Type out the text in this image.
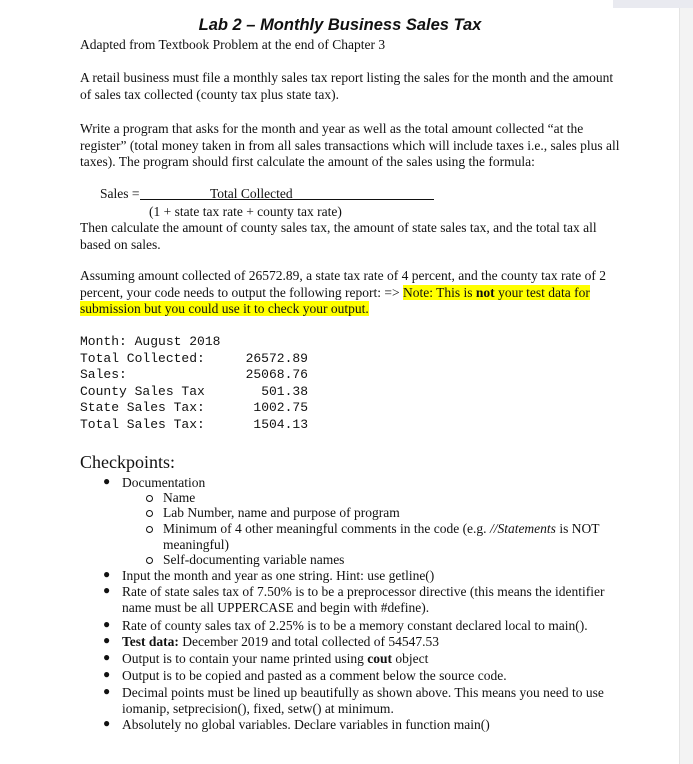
Lab 2 – Monthly Business Sales Tax
Adapted from Textbook Problem at the end of Chapter 3
A retail business must file a monthly sales tax report listing the sales for the month and the amount
of sales tax collected (county tax plus state tax).
Write a program that asks for the month and year as well as the total amount collected “at the
register” (total money taken in from all sales transactions which will include taxes i.e., sales plus all
taxes). The program should first calculate the amount of the sales using the formula:
Sales =	Total Collected
(1 + state tax rate + county tax rate)
Then calculate the amount of county sales tax, the amount of state sales tax, and the total tax all
based on sales.
Assuming amount collected of 26572.89, a state tax rate of 4 percent, and the county tax rate of 2
percent, your code needs to output the following report: => Note: This is not your test data for
submission but you could use it to check your output.
Month: August 2018
Total Collected:	26572.89
Sales:	25068.76
County Sales Tax	501.38
State Sales Tax:	1002.75
Total Sales Tax:	1504.13
Checkpoints:
● Documentation
Name
Lab Number, name and purpose of program
Minimum of 4 other meaningful comments in the code (e.g. //Statements is NOT
meaningful)
Self-documenting variable names
● Input the month and year as one string. Hint: use getline()
● Rate of state sales tax of 7.50% is to be a preprocessor directive (this means the identifier
name must be all UPPERCASE and begin with #define).
● Rate of county sales tax of 2.25% is to be a memory constant declared local to main().
● Test data: December 2019 and total collected of 54547.53
● Output is to contain your name printed using cout object
● Output is to be copied and pasted as a comment below the source code.
● Decimal points must be lined up beautifully as shown above. This means you need to use
iomanip, setprecision(), fixed, setw() at minimum.
● Absolutely no global variables. Declare variables in function main()
